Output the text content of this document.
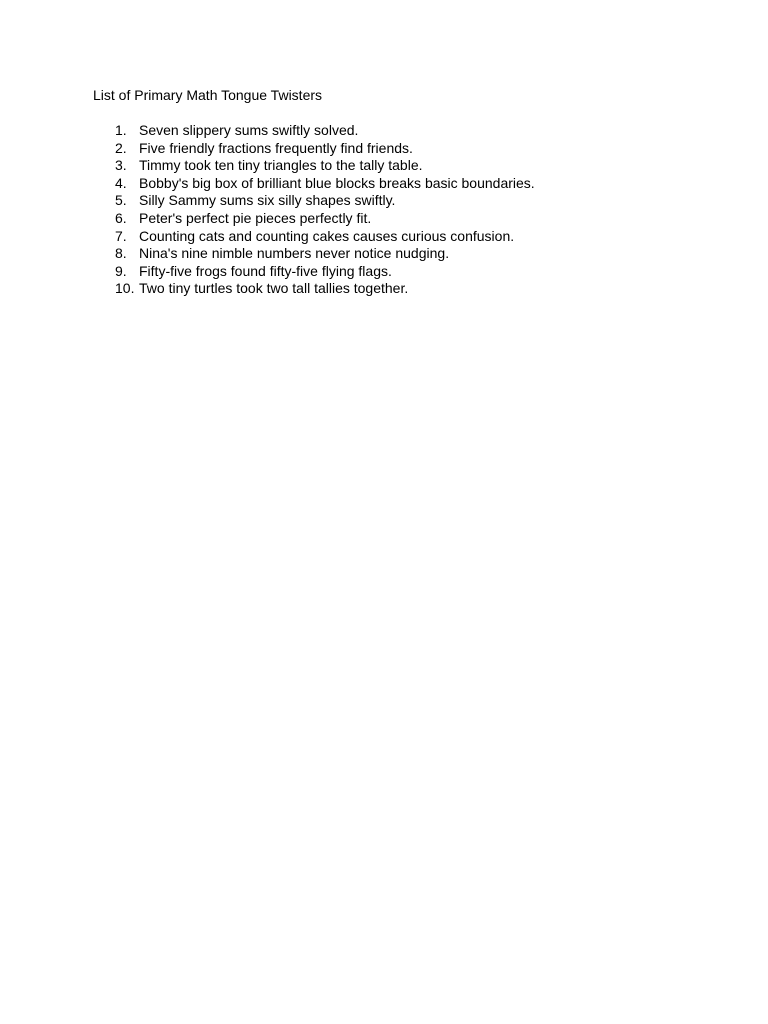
List of Primary Math Tongue Twisters
1. Seven slippery sums swiftly solved.
2. Five friendly fractions frequently find friends.
3. Timmy took ten tiny triangles to the tally table.
4. Bobby's big box of brilliant blue blocks breaks basic boundaries.
5. Silly Sammy sums six silly shapes swiftly.
6. Peter's perfect pie pieces perfectly fit.
7. Counting cats and counting cakes causes curious confusion.
8. Nina's nine nimble numbers never notice nudging.
9. Fifty-five frogs found fifty-five flying flags.
10. Two tiny turtles took two tall tallies together.
